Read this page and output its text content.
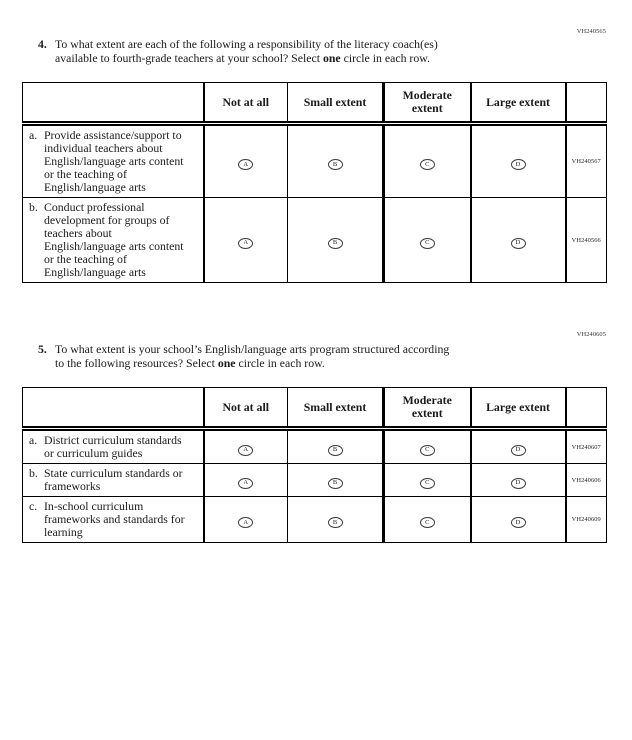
VH240565
4. To what extent are each of the following a responsibility of the literacy coach(es)
available to fourth-grade teachers at your school? Select one circle in each row.
	Not at all	Small extent	Moderate extent	Large extent	

a. Provide assistance/support to individual teachers about English/language arts content or the teaching of English/language arts	A	B	C	D	VH240567

b. Conduct professional development for groups of teachers about English/language arts content or the teaching of English/language arts	A	B	C	D	VH240566
VH240605
5. To what extent is your school’s English/language arts program structured according
to the following resources? Select one circle in each row.
	Not at all	Small extent	Moderate extent	Large extent	

a. District curriculum standards or curriculum guides	A	B	C	D	VH240607

b. State curriculum standards or frameworks	A	B	C	D	VH240606

c. In-school curriculum frameworks and standards for learning	A	B	C	D	VH240609
